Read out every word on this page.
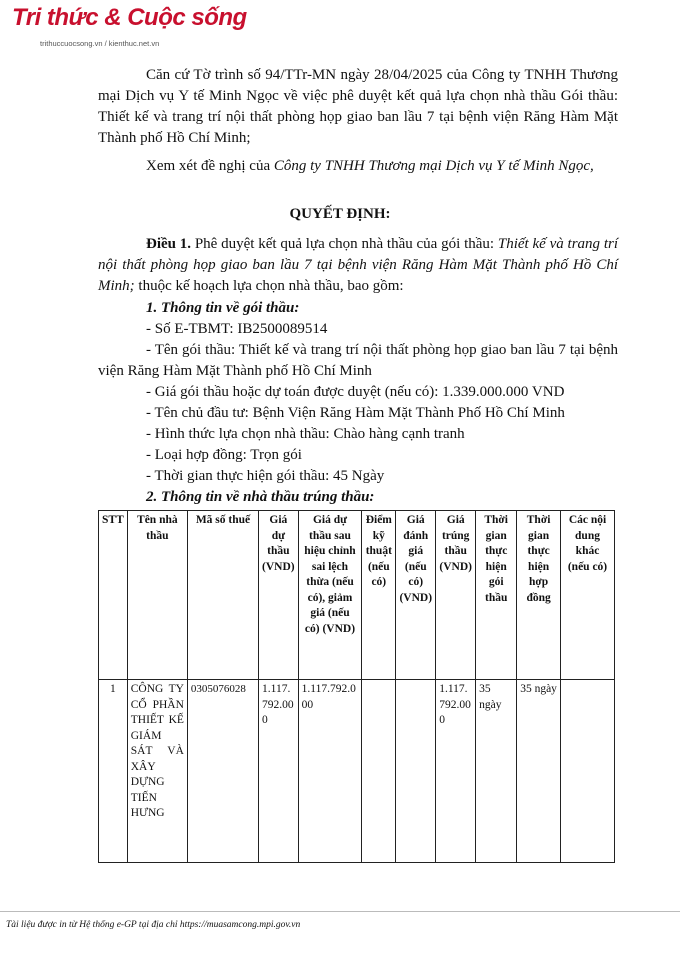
Tri thức & Cuộc sống
trithuccuocsong.vn / kienthuc.net.vn

Căn cứ Tờ trình số 94/TTr-MN ngày 28/04/2025 của Công ty TNHH Thương mại Dịch vụ Y tế Minh Ngọc về việc phê duyệt kết quả lựa chọn nhà thầu Gói thầu: Thiết kế và trang trí nội thất phòng họp giao ban lầu 7 tại bệnh viện Răng Hàm Mặt Thành phố Hồ Chí Minh;

Xem xét đề nghị của Công ty TNHH Thương mại Dịch vụ Y tế Minh Ngọc,

QUYẾT ĐỊNH:

Điều 1. Phê duyệt kết quả lựa chọn nhà thầu của gói thầu: Thiết kế và trang trí nội thất phòng họp giao ban lầu 7 tại bệnh viện Răng Hàm Mặt Thành phố Hồ Chí Minh; thuộc kế hoạch lựa chọn nhà thầu, bao gồm:

1. Thông tin về gói thầu:
- Số E-TBMT: IB2500089514

- Tên gói thầu: Thiết kế và trang trí nội thất phòng họp giao ban lầu 7 tại bệnh viện Răng Hàm Mặt Thành phố Hồ Chí Minh

- Giá gói thầu hoặc dự toán được duyệt (nếu có): 1.339.000.000 VND
- Tên chủ đầu tư: Bệnh Viện Răng Hàm Mặt Thành Phố Hồ Chí Minh
- Hình thức lựa chọn nhà thầu: Chào hàng cạnh tranh
- Loại hợp đồng: Trọn gói
- Thời gian thực hiện gói thầu: 45 Ngày
2. Thông tin về nhà thầu trúng thầu:
STT	Tên nhà thầu	Mã số thuế	Giá dự thầu (VND)	Giá dự thầu sau hiệu chỉnh sai lệch thừa (nếu có), giảm giá (nếu có) (VND)	Điểm kỹ thuật (nếu có)	Giá đánh giá (nếu có) (VND)	Giá trúng thầu (VND)	Thời gian thực hiện gói thầu	Thời gian thực hiện hợp đồng	Các nội dung khác (nếu có)
1	CÔNG TY CỔ PHẦN THIẾT KẾ GIÁM SÁT VÀ XÂY DỰNG TIẾN HƯNG	0305076028	1.117.792.000	1.117.792.000			1.117.792.000	35 ngày	35 ngày	
Tài liệu được in từ Hệ thống e-GP tại địa chỉ https://muasamcong.mpi.gov.vn
